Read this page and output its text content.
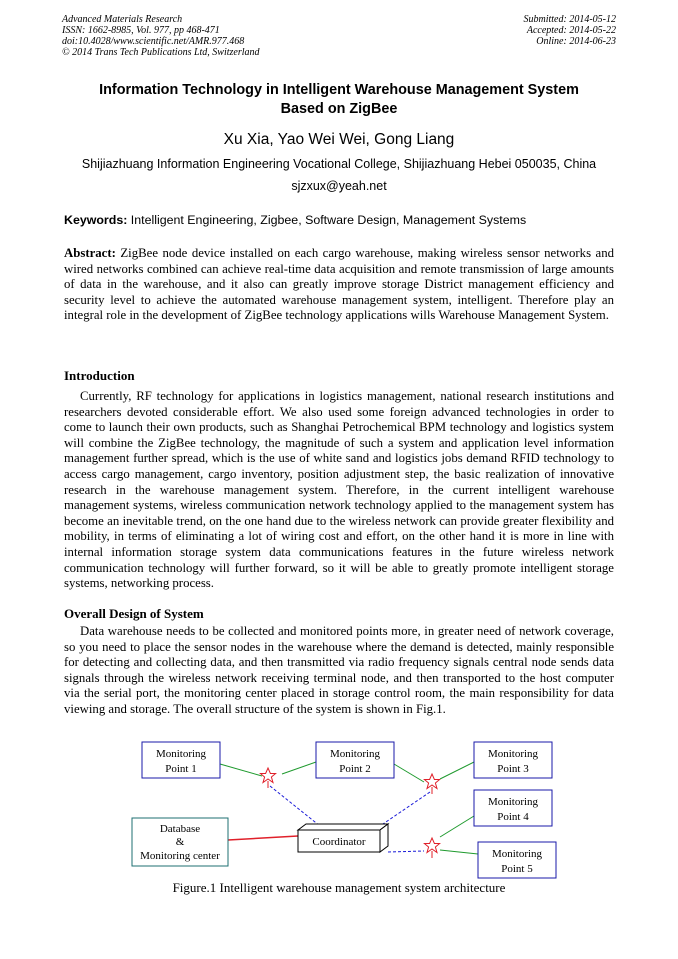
Advanced Materials Research
ISSN: 1662-8985, Vol. 977, pp 468-471
doi:10.4028/www.scientific.net/AMR.977.468
© 2014 Trans Tech Publications Ltd, Switzerland
Submitted: 2014-05-12
Accepted: 2014-05-22
Online: 2014-06-23
Information Technology in Intelligent Warehouse Management System
Based on ZigBee
Xu Xia, Yao Wei Wei, Gong Liang
Shijiazhuang Information Engineering Vocational College, Shijiazhuang Hebei 050035, China
sjzxux@yeah.net
Keywords: Intelligent Engineering, Zigbee, Software Design, Management Systems

Abstract: ZigBee node device installed on each cargo warehouse, making wireless sensor networks and wired networks combined can achieve real-time data acquisition and remote transmission of large amounts of data in the warehouse, and it also can greatly improve storage District management efficiency and security level to achieve the automated warehouse management system, intelligent. Therefore play an integral role in the development of ZigBee technology applications wills Warehouse Management System.

Introduction

Currently, RF technology for applications in logistics management, national research institutions and researchers devoted considerable effort. We also used some foreign advanced technologies in order to come to launch their own products, such as Shanghai Petrochemical BPM technology and logistics system will combine the ZigBee technology, the magnitude of such a system and application level information management further spread, which is the use of white sand and logistics jobs demand RFID technology to access cargo management, cargo inventory, position adjustment step, the basic realization of innovative research in the warehouse management system. Therefore, in the current intelligent warehouse management systems, wireless communication network technology applied to the management system has become an inevitable trend, on the one hand due to the wireless network can provide greater flexibility and mobility, in terms of eliminating a lot of wiring cost and effort, on the other hand it is more in line with internal information storage system data communications features in the future wireless network communication technology will further forward, so it will be able to greatly promote intelligent storage systems, networking process.

Overall Design of System

Data warehouse needs to be collected and monitored points more, in greater need of network coverage, so you need to place the sensor nodes in the warehouse where the demand is detected, mainly responsible for detecting and collecting data, and then transmitted via radio frequency signals central node sends data signals through the wireless network receiving terminal node, and then transported to the host computer via the serial port, the monitoring center placed in storage control room, the main responsibility for data viewing and storage. The overall structure of the system is shown in Fig.1.

Monitoring
Point 1
Monitoring
Point 2
Monitoring
Point 3
Monitoring
Point 4
Monitoring
Point 5
Database
&
Monitoring center
Coordinator
Figure.1 Intelligent warehouse management system architecture
